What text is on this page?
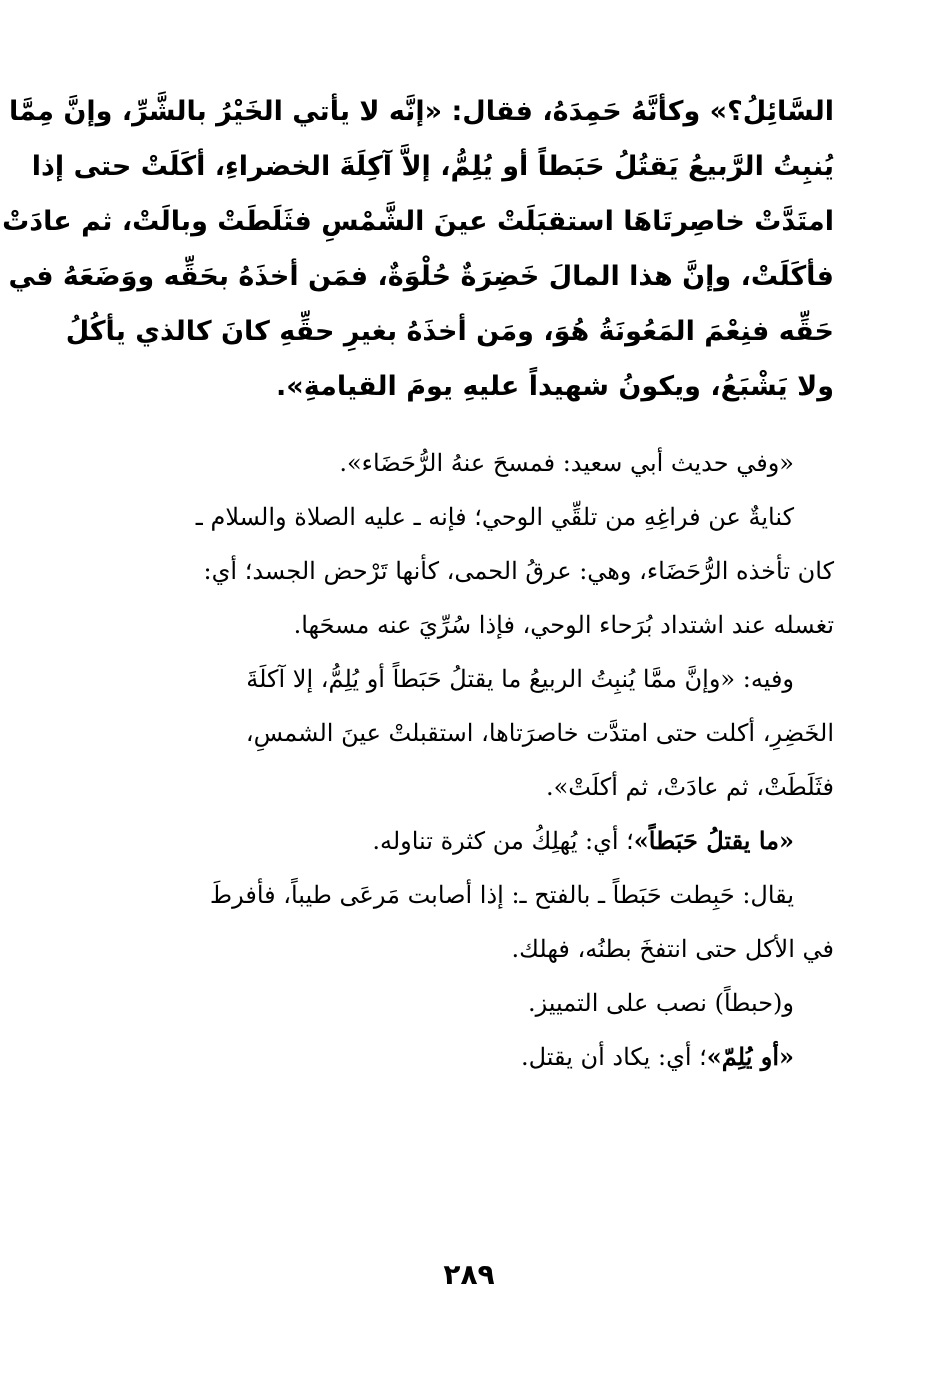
السَّائِلُ؟» وكأنَّهُ حَمِدَهُ، فقال: «إنَّه لا يأتي الخَيْرُ بالشَّرِّ، وإنَّ مِمَّا
يُنبِتُ الرَّبيعُ يَقتُلُ حَبَطاً أو يُلِمُّ، إلاَّ آكِلَةَ الخضراءِ، أكَلَتْ حتى إذا
امتَدَّتْ خاصِرتَاهَا استقبَلَتْ عينَ الشَّمْسِ فثَلَطَتْ وبالَتْ، ثم عادَتْ
فأكَلَتْ، وإنَّ هذا المالَ خَضِرَةٌ حُلْوَةٌ، فمَن أخذَهُ بحَقِّه ووَضَعَهُ في
حَقِّه فنِعْمَ المَعُونَةُ هُوَ، ومَن أخذَهُ بغيرِ حقِّهِ كانَ كالذي يأكُلُ
ولا يَشْبَعُ، ويكونُ شهيداً عليهِ يومَ القيامةِ».
«وفي حديث أبي سعيد: فمسحَ عنهُ الرُّحَضَاء».
كنايةٌ عن فراغِهِ من تلقِّي الوحي؛ فإنه ـ عليه الصلاة والسلام ـ
كان تأخذه الرُّحَضَاء، وهي: عرقُ الحمى، كأنها تَرْحض الجسد؛ أي:
تغسله عند اشتداد بُرَحاء الوحي، فإذا سُرِّيَ عنه مسحَها.
وفيه: «وإنَّ ممَّا يُنبِتُ الربيعُ ما يقتلُ حَبَطاً أو يُلِمُّ، إلا آكلَةَ
الخَضِرِ، أكلت حتى امتدَّت خاصرَتاها، استقبلتْ عينَ الشمسِ،
فثَلَطَتْ، ثم عادَتْ، ثم أكلَتْ».
«ما يقتلُ حَبَطاً»؛ أي: يُهلِكُ من كثرة تناوله.
يقال: حَبِطت حَبَطاً ـ بالفتح ـ: إذا أصابت مَرعَى طيباً، فأفرطَ
في الأكل حتى انتفخَ بطنُه، فهلك.
و(حبطاً) نصب على التمييز.
«أو يُلِمّ»؛ أي: يكاد أن يقتل.
٢٨٩
